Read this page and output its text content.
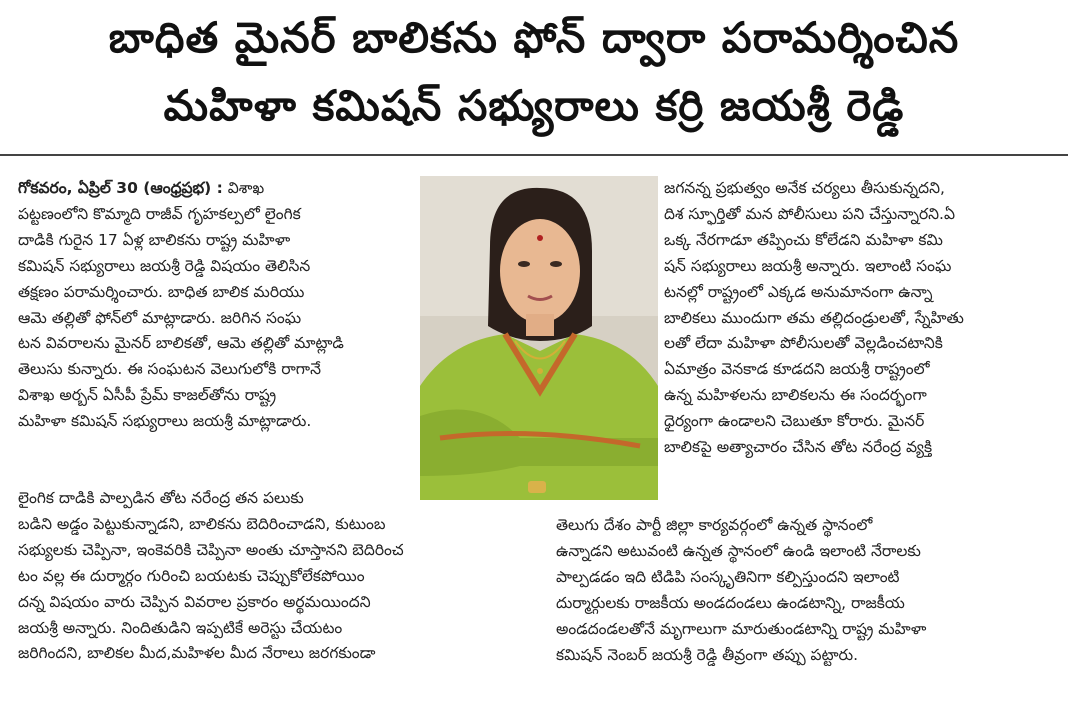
బాధిత మైనర్ బాలికను ఫోన్ ద్వారా పరామర్శించిన
మహిళా కమిషన్ సభ్యురాలు కర్రి జయశ్రీ రెడ్డి
గోకవరం, ఏప్రిల్ 30 (ఆంధ్రప్రభ) : విశాఖ
పట్టణంలోని కొమ్మాది రాజీవ్ గృహకల్పలో లైంగిక
దాడికి గురైన 17 ఏళ్ల బాలికను రాష్ట్ర మహిళా
కమిషన్ సభ్యురాలు జయశ్రీ రెడ్డి విషయం తెలిసిన
తక్షణం పరామర్శించారు. బాధిత బాలిక మరియు
ఆమె తల్లితో ఫోన్‌లో మాట్లాడారు. జరిగిన సంఘ
టన వివరాలను మైనర్ బాలికతో, ఆమె తల్లితో మాట్లాడి
తెలుసు కున్నారు. ఈ సంఘటన వెలుగులోకి రాగానే
విశాఖ అర్బన్ ఏసీపీ ప్రేమ్ కాజల్‌తోను రాష్ట్ర
మహిళా కమిషన్ సభ్యురాలు జయశ్రీ మాట్లాడారు.
లైంగిక దాడికి పాల్పడిన తోట నరేంద్ర తన పలుకు
బడిని అడ్డం పెట్టుకున్నాడని, బాలికను బెదిరించాడని, కుటుంబ
సభ్యులకు చెప్పినా, ఇంకెవరికి చెప్పినా అంతు చూస్తానని బెదిరించ
టం వల్ల ఈ దుర్మార్గం గురించి బయటకు చెప్పుకోలేకపోయిం
దన్న విషయం వారు చెప్పిన వివరాల ప్రకారం అర్థమయిందని
జయశ్రీ అన్నారు. నిందితుడిని ఇప్పటికే అరెస్టు చేయటం
జరిగిందని, బాలికల మీద,మహిళల మీద నేరాలు జరగకుండా
జగనన్న ప్రభుత్వం అనేక చర్యలు తీసుకున్నదని,
దిశ స్ఫూర్తితో మన పోలీసులు పని చేస్తున్నారని.ఏ
ఒక్క నేరగాడూ తప్పించు కోలేడని మహిళా కమి
షన్ సభ్యురాలు జయశ్రీ అన్నారు. ఇలాంటి సంఘ
టనల్లో రాష్ట్రంలో ఎక్కడ అనుమానంగా ఉన్నా
బాలికలు ముందుగా తమ తల్లిదండ్రులతో, స్నేహితు
లతో లేదా మహిళా పోలీసులతో వెల్లడించటానికి
ఏమాత్రం వెనకాడ కూడదని జయశ్రీ రాష్ట్రంలో
ఉన్న మహిళలను బాలికలను ఈ సందర్భంగా
ధైర్యంగా ఉండాలని చెబుతూ కోరారు. మైనర్
బాలికపై అత్యాచారం చేసిన తోట నరేంద్ర వ్యక్తి
తెలుగు దేశం పార్టీ జిల్లా కార్యవర్గంలో ఉన్నత స్థానంలో
ఉన్నాడని అటువంటి ఉన్నత స్థానంలో ఉండి ఇలాంటి నేరాలకు
పాల్పడడం ఇది టిడిపి సంస్కృతినిగా కల్పిస్తుందని ఇలాంటి
దుర్మార్గులకు రాజకీయ అండదండలు ఉండటాన్ని, రాజకీయ
అండదండలతోనే మృగాలుగా మారుతుండటాన్ని రాష్ట్ర మహిళా
కమిషన్ నెంబర్ జయశ్రీ రెడ్డి తీవ్రంగా తప్పు పట్టారు.
